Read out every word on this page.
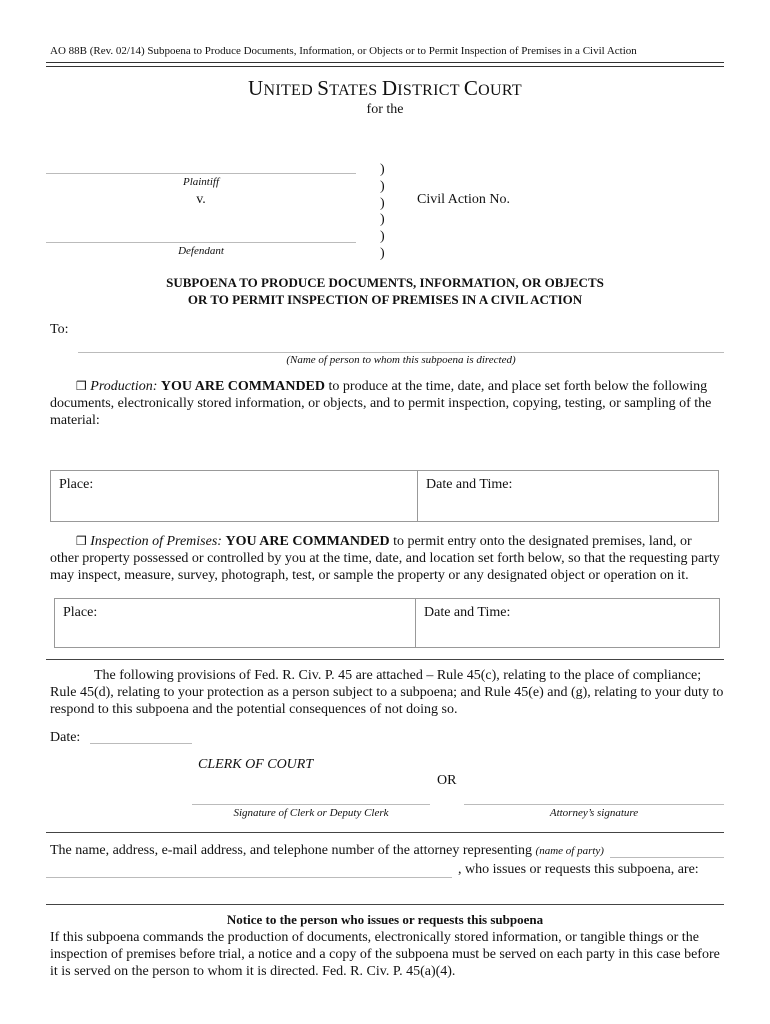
AO 88B (Rev. 02/14) Subpoena to Produce Documents, Information, or Objects or to Permit Inspection of Premises in a Civil Action
UNITED STATES DISTRICT COURT
for the
Plaintiff
v.
Defendant
)
)
)
)
)
)
Civil Action No.
SUBPOENA TO PRODUCE DOCUMENTS, INFORMATION, OR OBJECTS
OR TO PERMIT INSPECTION OF PREMISES IN A CIVIL ACTION
To:
(Name of person to whom this subpoena is directed)
❒ Production: YOU ARE COMMANDED to produce at the time, date, and place set forth below the following
documents, electronically stored information, or objects, and to permit inspection, copying, testing, or sampling of the
material:
Place:	Date and Time:
❒ Inspection of Premises: YOU ARE COMMANDED to permit entry onto the designated premises, land, or
other property possessed or controlled by you at the time, date, and location set forth below, so that the requesting party
may inspect, measure, survey, photograph, test, or sample the property or any designated object or operation on it.
Place:	Date and Time:
The following provisions of Fed. R. Civ. P. 45 are attached – Rule 45(c), relating to the place of compliance;
Rule 45(d), relating to your protection as a person subject to a subpoena; and Rule 45(e) and (g), relating to your duty to
respond to this subpoena and the potential consequences of not doing so.
Date:
CLERK OF COURT
OR
Signature of Clerk or Deputy Clerk	Attorney’s signature
The name, address, e-mail address, and telephone number of the attorney representing (name of party)
, who issues or requests this subpoena, are:
Notice to the person who issues or requests this subpoena
If this subpoena commands the production of documents, electronically stored information, or tangible things or the
inspection of premises before trial, a notice and a copy of the subpoena must be served on each party in this case before
it is served on the person to whom it is directed. Fed. R. Civ. P. 45(a)(4).
